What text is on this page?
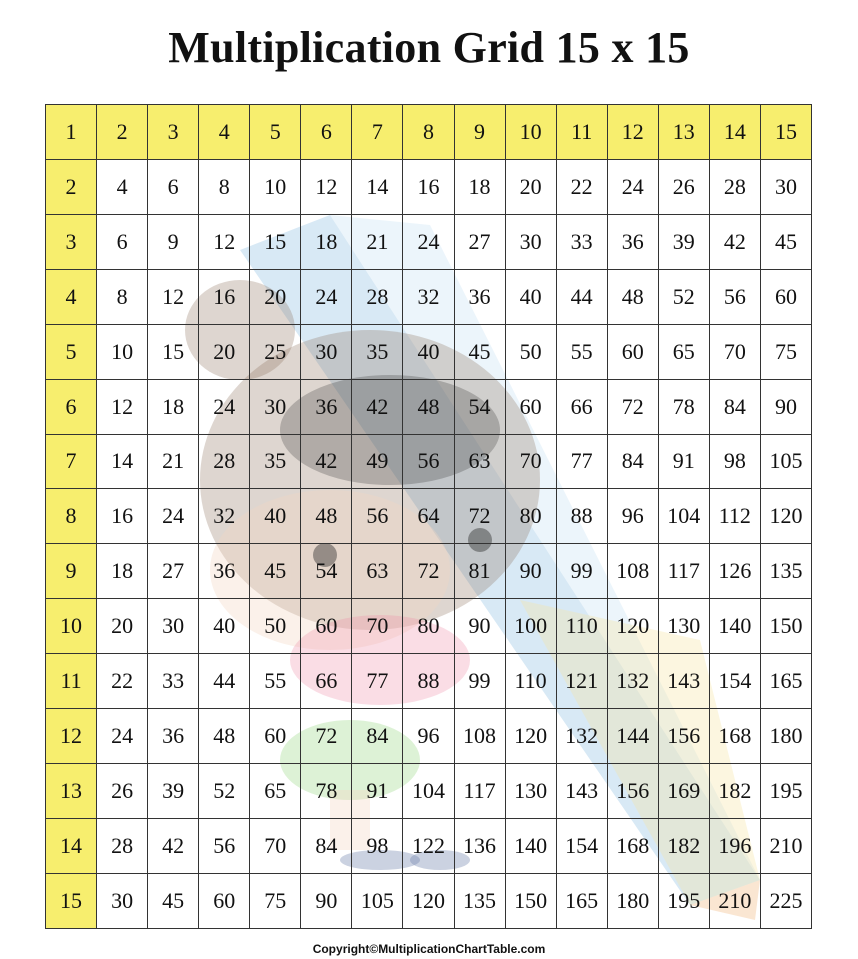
Multiplication Grid 15 x 15
1	2	3	4	5	6	7	8	9	10	11	12	13	14	15
2	4	6	8	10	12	14	16	18	20	22	24	26	28	30
3	6	9	12	15	18	21	24	27	30	33	36	39	42	45
4	8	12	16	20	24	28	32	36	40	44	48	52	56	60
5	10	15	20	25	30	35	40	45	50	55	60	65	70	75
6	12	18	24	30	36	42	48	54	60	66	72	78	84	90
7	14	21	28	35	42	49	56	63	70	77	84	91	98	105
8	16	24	32	40	48	56	64	72	80	88	96	104	112	120
9	18	27	36	45	54	63	72	81	90	99	108	117	126	135
10	20	30	40	50	60	70	80	90	100	110	120	130	140	150
11	22	33	44	55	66	77	88	99	110	121	132	143	154	165
12	24	36	48	60	72	84	96	108	120	132	144	156	168	180
13	26	39	52	65	78	91	104	117	130	143	156	169	182	195
14	28	42	56	70	84	98	122	136	140	154	168	182	196	210
15	30	45	60	75	90	105	120	135	150	165	180	195	210	225
Copyright©MultiplicationChartTable.com
